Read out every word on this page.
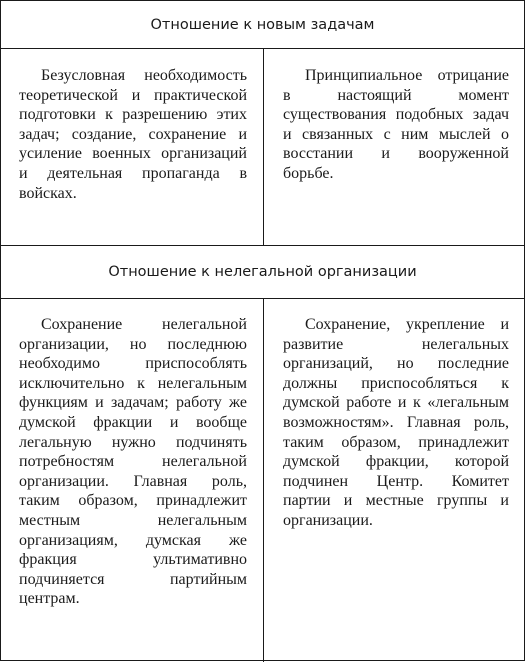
Отношение к новым задачам

Безусловная необходимость теоретической и практической подготовки к разрешению этих задач; создание, сохранение и усиление военных организаций и деятельная пропаганда в войсках.

Принципиальное отрицание в настоящий момент существования подобных задач и связанных с ним мыслей о восстании и вооруженной борьбе.

Отношение к нелегальной организации

Сохранение нелегальной организации, но последнюю необходимо приспособлять исключительно к нелегальным функциям и задачам; работу же думской фракции и вообще легальную нужно подчинять потребностям нелегальной организации. Главная роль, таким образом, принадлежит местным нелегальным организациям, думская же фракция ультимативно подчиняется партийным центрам.

Сохранение, укрепление и развитие нелегальных организаций, но последние должны приспособляться к думской работе и к «легальным возможностям». Главная роль, таким образом, принадлежит думской фракции, которой подчинен Центр. Комитет партии и местные группы и организации.
